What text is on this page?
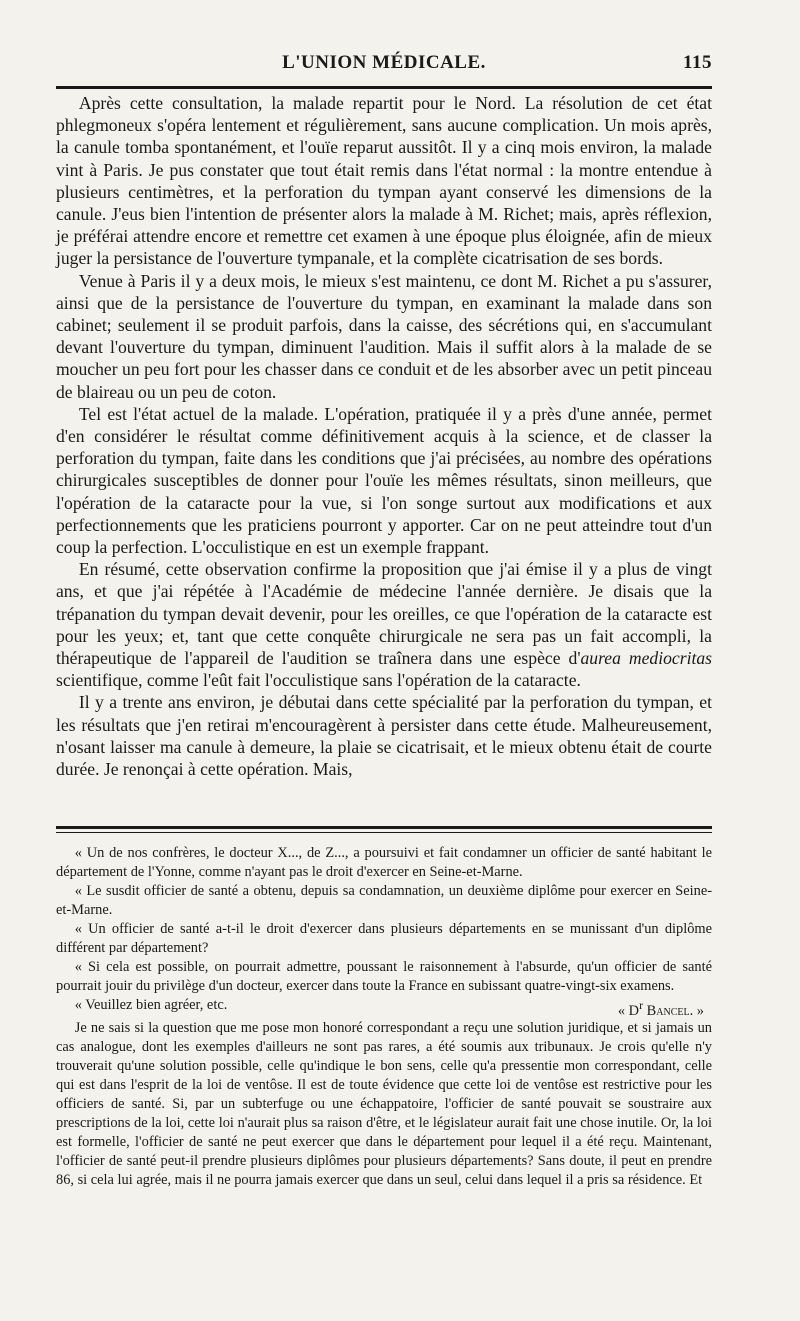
L'UNION MÉDICALE.	115

Après cette consultation, la malade repartit pour le Nord. La résolution de cet état phlegmoneux s'opéra lentement et régulièrement, sans aucune complication. Un mois après, la canule tomba spontanément, et l'ouïe reparut aussitôt. Il y a cinq mois environ, la malade vint à Paris. Je pus constater que tout était remis dans l'état normal : la montre entendue à plusieurs centimètres, et la perforation du tympan ayant conservé les dimensions de la canule. J'eus bien l'intention de présenter alors la malade à M. Richet; mais, après réflexion, je préférai attendre encore et remettre cet examen à une époque plus éloignée, afin de mieux juger la persistance de l'ouverture tympanale, et la complète cicatrisation de ses bords.

Venue à Paris il y a deux mois, le mieux s'est maintenu, ce dont M. Richet a pu s'assurer, ainsi que de la persistance de l'ouverture du tympan, en examinant la malade dans son cabinet; seulement il se produit parfois, dans la caisse, des sécrétions qui, en s'accumulant devant l'ouverture du tympan, diminuent l'audition. Mais il suffit alors à la malade de se moucher un peu fort pour les chasser dans ce conduit et de les absorber avec un petit pinceau de blaireau ou un peu de coton.

Tel est l'état actuel de la malade. L'opération, pratiquée il y a près d'une année, permet d'en considérer le résultat comme définitivement acquis à la science, et de classer la perforation du tympan, faite dans les conditions que j'ai précisées, au nombre des opérations chirurgicales susceptibles de donner pour l'ouïe les mêmes résultats, sinon meilleurs, que l'opération de la cataracte pour la vue, si l'on songe surtout aux modifications et aux perfectionnements que les praticiens pourront y apporter. Car on ne peut atteindre tout d'un coup la perfection. L'occulistique en est un exemple frappant.

En résumé, cette observation confirme la proposition que j'ai émise il y a plus de vingt ans, et que j'ai répétée à l'Académie de médecine l'année dernière. Je disais que la trépanation du tympan devait devenir, pour les oreilles, ce que l'opération de la cataracte est pour les yeux; et, tant que cette conquête chirurgicale ne sera pas un fait accompli, la thérapeutique de l'appareil de l'audition se traînera dans une espèce d'aurea mediocritas scientifique, comme l'eût fait l'occulistique sans l'opération de la cataracte.

Il y a trente ans environ, je débutai dans cette spécialité par la perforation du tympan, et les résultats que j'en retirai m'encouragèrent à persister dans cette étude. Malheureusement, n'osant laisser ma canule à demeure, la plaie se cicatrisait, et le mieux obtenu était de courte durée. Je renonçai à cette opération. Mais,

« Un de nos confrères, le docteur X..., de Z..., a poursuivi et fait condamner un officier de santé habitant le département de l'Yonne, comme n'ayant pas le droit d'exercer en Seine-et-Marne.

« Le susdit officier de santé a obtenu, depuis sa condamnation, un deuxième diplôme pour exercer en Seine-et-Marne.

« Un officier de santé a-t-il le droit d'exercer dans plusieurs départements en se munissant d'un diplôme différent par département?

« Si cela est possible, on pourrait admettre, poussant le raisonnement à l'absurde, qu'un officier de santé pourrait jouir du privilège d'un docteur, exercer dans toute la France en subissant quatre-vingt-six examens.

« Veuillez bien agréer, etc.	« $D^r$ Bancel. »

Je ne sais si la question que me pose mon honoré correspondant a reçu une solution juridique, et si jamais un cas analogue, dont les exemples d'ailleurs ne sont pas rares, a été soumis aux tribunaux. Je crois qu'elle n'y trouverait qu'une solution possible, celle qu'indique le bon sens, celle qu'a pressentie mon correspondant, celle qui est dans l'esprit de la loi de ventôse. Il est de toute évidence que cette loi de ventôse est restrictive pour les officiers de santé. Si, par un subterfuge ou une échappatoire, l'officier de santé pouvait se soustraire aux prescriptions de la loi, cette loi n'aurait plus sa raison d'être, et le législateur aurait fait une chose inutile. Or, la loi est formelle, l'officier de santé ne peut exercer que dans le département pour lequel il a été reçu. Maintenant, l'officier de santé peut-il prendre plusieurs diplômes pour plusieurs départements? Sans doute, il peut en prendre 86, si cela lui agrée, mais il ne pourra jamais exercer que dans un seul, celui dans lequel il a pris sa résidence. Et
